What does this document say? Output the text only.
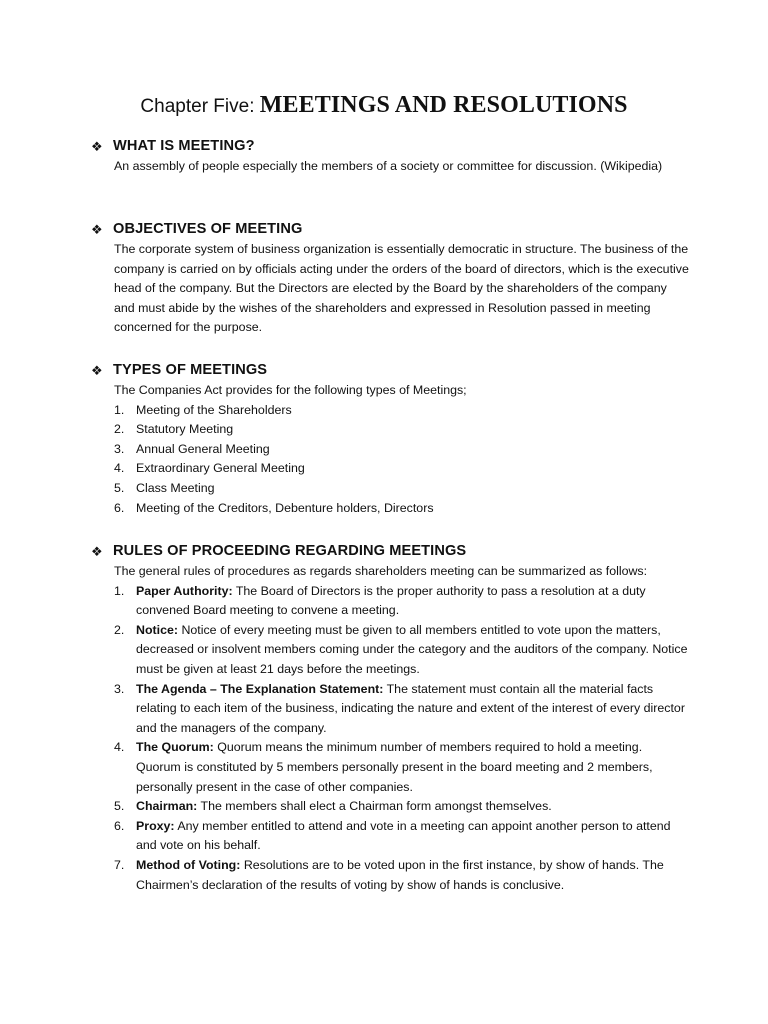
Chapter Five: MEETINGS AND RESOLUTIONS
❖ WHAT IS MEETING?

An assembly of people especially the members of a society or committee for discussion. (Wikipedia)

❖ OBJECTIVES OF MEETING

The corporate system of business organization is essentially democratic in structure. The business of the company is carried on by officials acting under the orders of the board of directors, which is the executive head of the company. But the Directors are elected by the Board by the shareholders of the company and must abide by the wishes of the shareholders and expressed in Resolution passed in meeting concerned for the purpose.

❖ TYPES OF MEETINGS

The Companies Act provides for the following types of Meetings;

1. Meeting of the Shareholders
2. Statutory Meeting
3. Annual General Meeting
4. Extraordinary General Meeting
5. Class Meeting
6. Meeting of the Creditors, Debenture holders, Directors
❖ RULES OF PROCEEDING REGARDING MEETINGS

The general rules of procedures as regards shareholders meeting can be summarized as follows:

1. Paper Authority: The Board of Directors is the proper authority to pass a resolution at a duty convened Board meeting to convene a meeting.
2. Notice: Notice of every meeting must be given to all members entitled to vote upon the matters, decreased or insolvent members coming under the category and the auditors of the company. Notice must be given at least 21 days before the meetings.
3. The Agenda – The Explanation Statement: The statement must contain all the material facts relating to each item of the business, indicating the nature and extent of the interest of every director and the managers of the company.
4. The Quorum: Quorum means the minimum number of members required to hold a meeting. Quorum is constituted by 5 members personally present in the board meeting and 2 members, personally present in the case of other companies.
5. Chairman: The members shall elect a Chairman form amongst themselves.
6. Proxy: Any member entitled to attend and vote in a meeting can appoint another person to attend and vote on his behalf.
7. Method of Voting: Resolutions are to be voted upon in the first instance, by show of hands. The Chairmen’s declaration of the results of voting by show of hands is conclusive.
